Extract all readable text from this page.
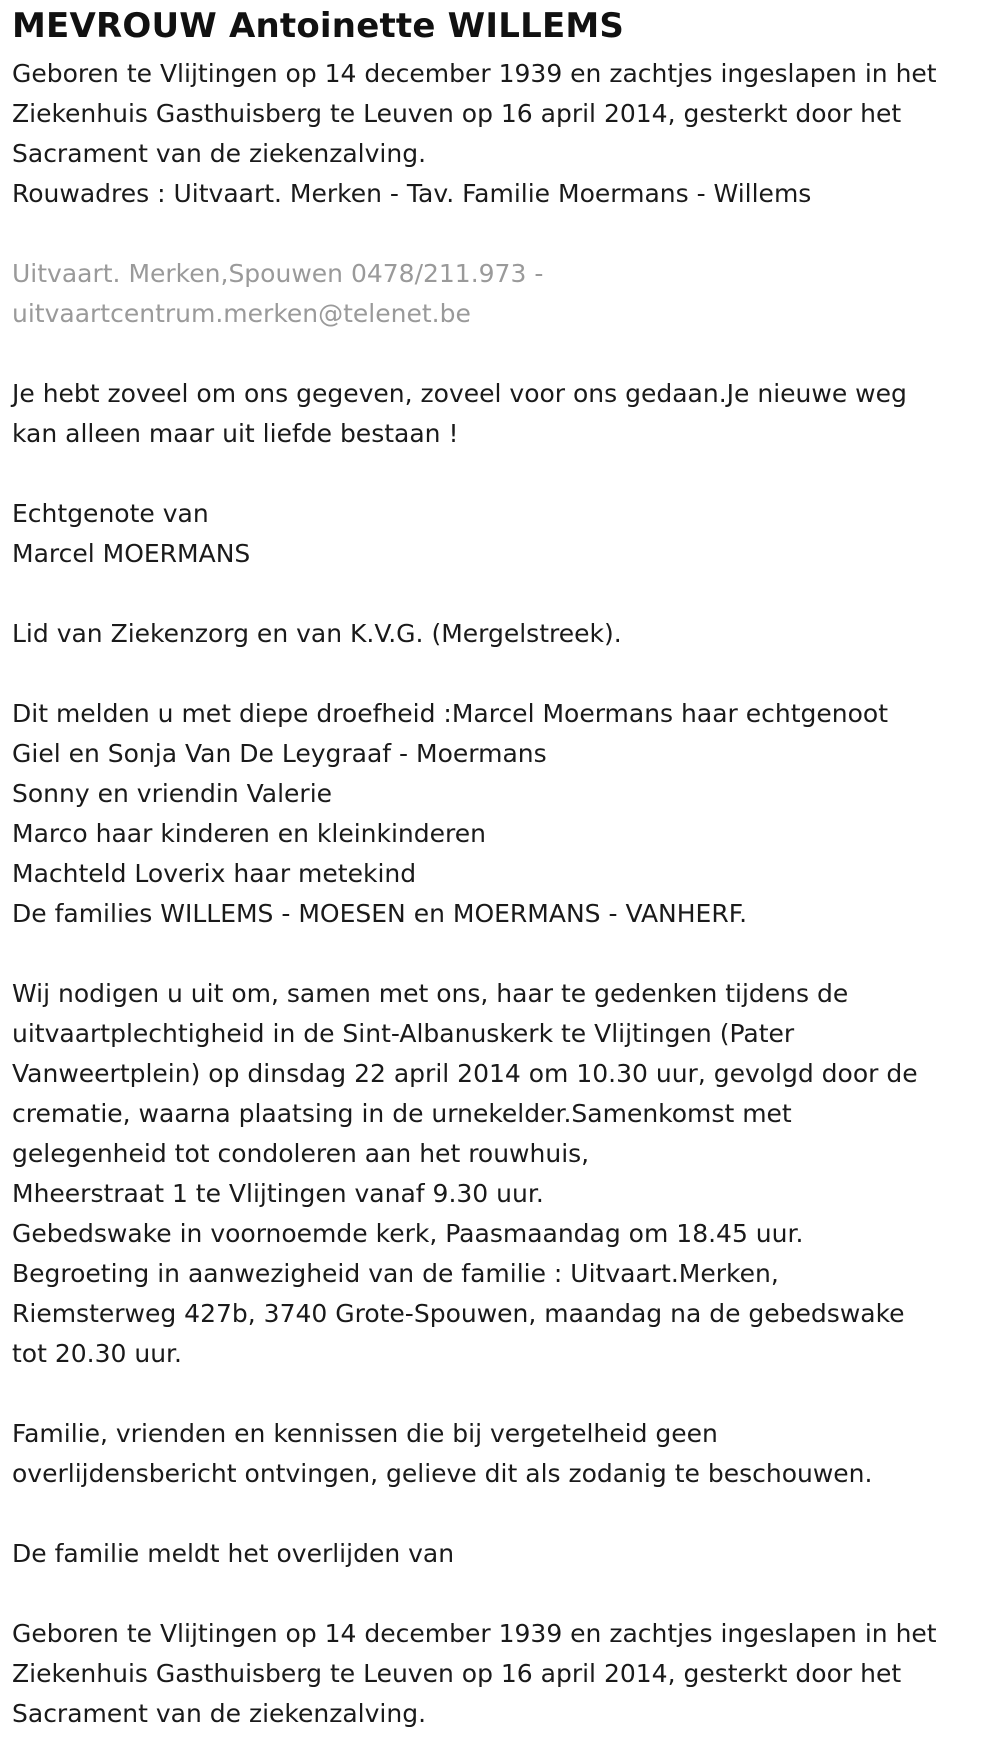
MEVROUW Antoinette WILLEMS
Geboren te Vlijtingen op 14 december 1939 en zachtjes ingeslapen in het
Ziekenhuis Gasthuisberg te Leuven op 16 april 2014, gesterkt door het
Sacrament van de ziekenzalving.
Rouwadres : Uitvaart. Merken - Tav. Familie Moermans - Willems
Uitvaart. Merken,Spouwen 0478/211.973 -
uitvaartcentrum.merken@telenet.be
Je hebt zoveel om ons gegeven, zoveel voor ons gedaan.Je nieuwe weg
kan alleen maar uit liefde bestaan !
Echtgenote van
Marcel MOERMANS
Lid van Ziekenzorg en van K.V.G. (Mergelstreek).
Dit melden u met diepe droefheid :Marcel Moermans haar echtgenoot
Giel en Sonja Van De Leygraaf - Moermans
Sonny en vriendin Valerie
Marco haar kinderen en kleinkinderen
Machteld Loverix haar metekind
De families WILLEMS - MOESEN en MOERMANS - VANHERF.
Wij nodigen u uit om, samen met ons, haar te gedenken tijdens de
uitvaartplechtigheid in de Sint-Albanuskerk te Vlijtingen (Pater
Vanweertplein) op dinsdag 22 april 2014 om 10.30 uur, gevolgd door de
crematie, waarna plaatsing in de urnekelder.Samenkomst met
gelegenheid tot condoleren aan het rouwhuis,
Mheerstraat 1 te Vlijtingen vanaf 9.30 uur.
Gebedswake in voornoemde kerk, Paasmaandag om 18.45 uur.
Begroeting in aanwezigheid van de familie : Uitvaart.Merken,
Riemsterweg 427b, 3740 Grote-Spouwen, maandag na de gebedswake
tot 20.30 uur.
Familie, vrienden en kennissen die bij vergetelheid geen
overlijdensbericht ontvingen, gelieve dit als zodanig te beschouwen.
De familie meldt het overlijden van
Geboren te Vlijtingen op 14 december 1939 en zachtjes ingeslapen in het
Ziekenhuis Gasthuisberg te Leuven op 16 april 2014, gesterkt door het
Sacrament van de ziekenzalving.
